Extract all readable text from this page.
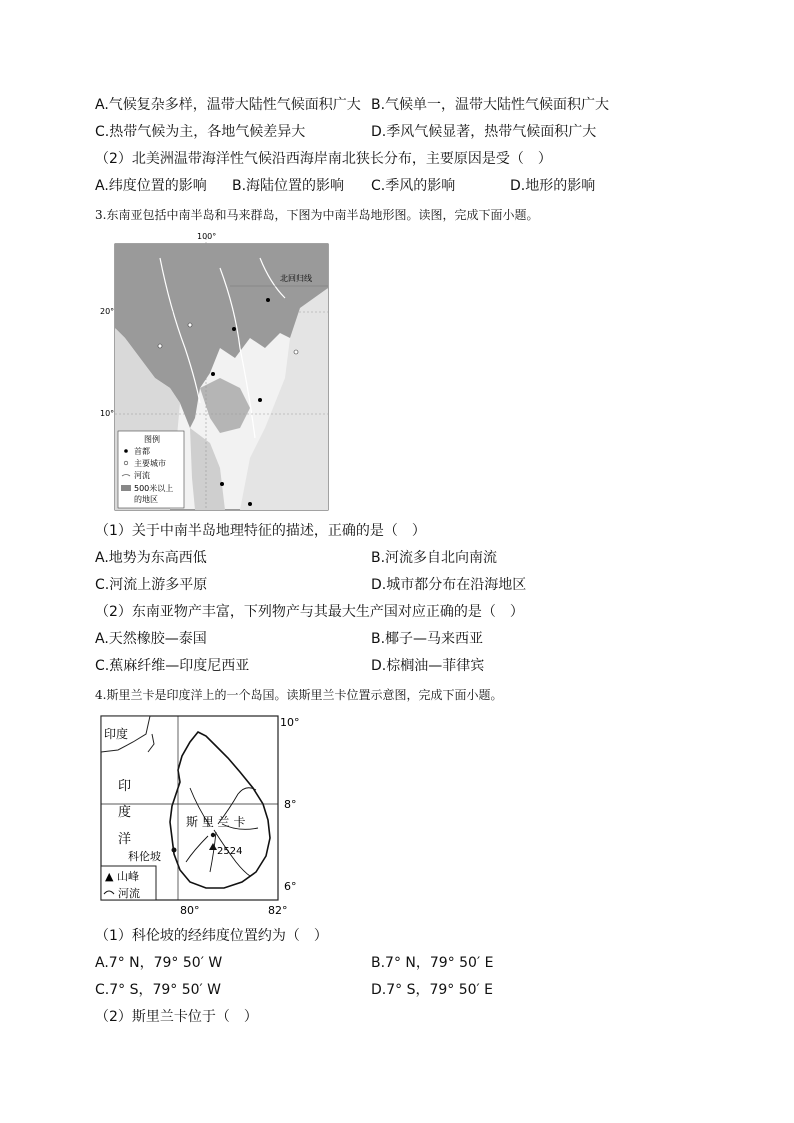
A.气候复杂多样，温带大陆性气候面积广大 B.气候单一，温带大陆性气候面积广大
C.热带气候为主，各地气候差异大	D.季风气候显著，热带气候面积广大
（2）北美洲温带海洋性气候沿西海岸南北狭长分布，主要原因是受（　）
A.纬度位置的影响 B.海陆位置的影响 C.季风的影响	D.地形的影响
3.东南亚包括中南半岛和马来群岛，下图为中南半岛地形图。读图，完成下面小题。
100°
20°
10°
北回归线
图例
首都
主要城市
河流
500米以上
的地区
（1）关于中南半岛地理特征的描述，正确的是（　）
A.地势为东高西低	B.河流多自北向南流
C.河流上游多平原	D.城市都分布在沿海地区
（2）东南亚物产丰富，下列物产与其最大生产国对应正确的是（　）
A.天然橡胶—泰国	B.椰子—马来西亚
C.蕉麻纤维—印度尼西亚	D.棕榈油—菲律宾
4.斯里兰卡是印度洋上的一个岛国。读斯里兰卡位置示意图，完成下面小题。
印度
印
度
洋
斯 里 兰 卡
科伦坡	2524
10°
8°
6°
80°	82°
▲ 山峰
河流
（1）科伦坡的经纬度位置约为（　）
A.7° N，79° 50′ W	B.7° N，79° 50′ E
C.7° S，79° 50′ W	D.7° S，79° 50′ E
（2）斯里兰卡位于（　）
